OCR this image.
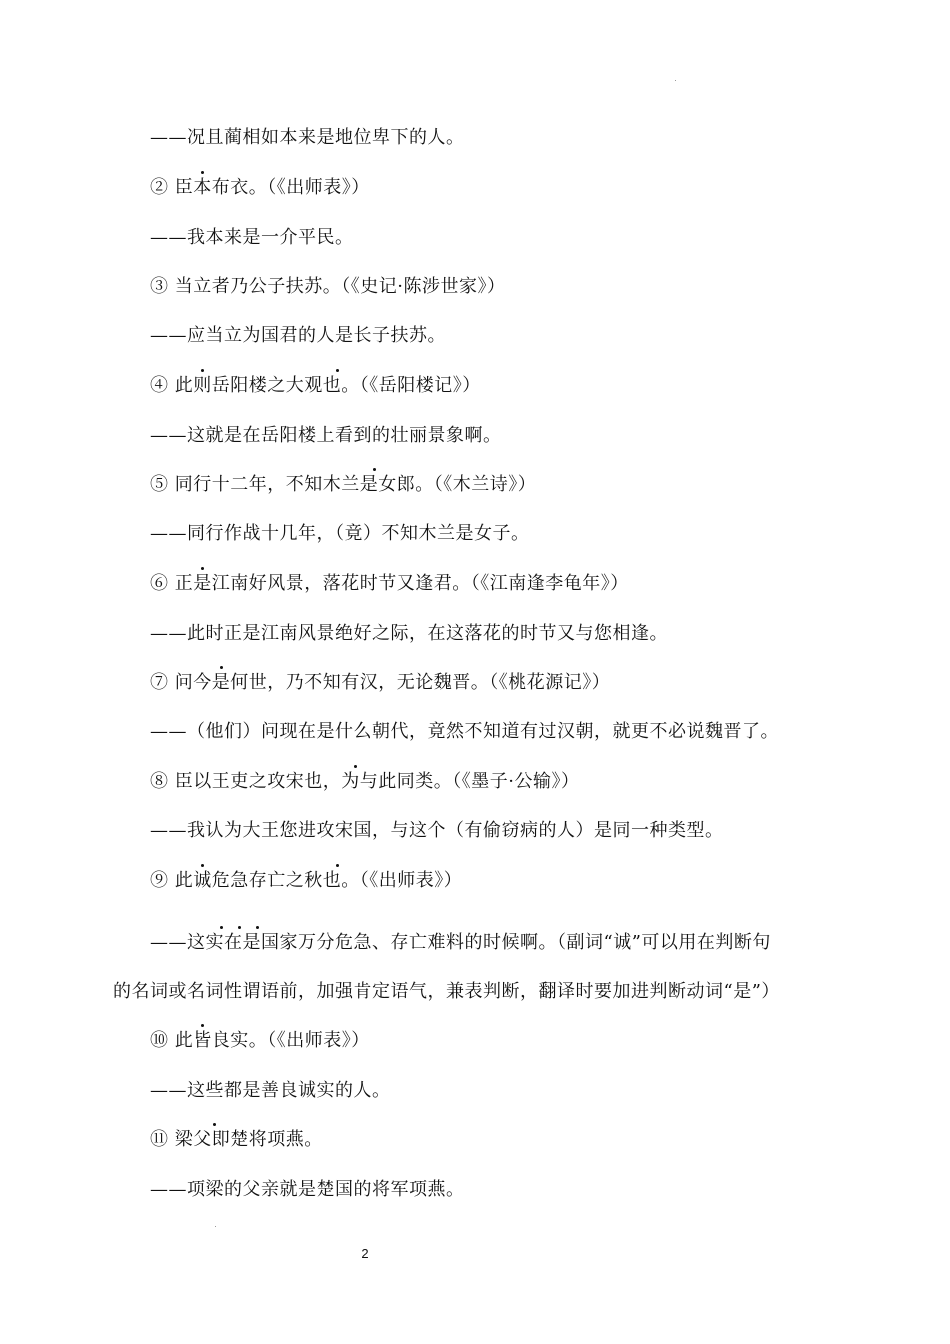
——况且蔺相如本来是地位卑下的人。
② 臣本布衣。（《出师表》）
——我本来是一介平民。
③ 当立者乃公子扶苏。（《史记·陈涉世家》）
——应当立为国君的人是长子扶苏。
④ 此则岳阳楼之大观也。（《岳阳楼记》）
——这就是在岳阳楼上看到的壮丽景象啊。
⑤ 同行十二年，不知木兰是女郎。（《木兰诗》）
——同行作战十几年，（竟）不知木兰是女子。
⑥ 正是江南好风景，落花时节又逢君。（《江南逢李龟年》）
——此时正是江南风景绝好之际，在这落花的时节又与您相逢。
⑦ 问今是何世，乃不知有汉，无论魏晋。（《桃花源记》）
——（他们）问现在是什么朝代，竟然不知道有过汉朝，就更不必说魏晋了。
⑧ 臣以王吏之攻宋也，为与此同类。（《墨子·公输》）
——我认为大王您进攻宋国，与这个（有偷窃病的人）是同一种类型。
⑨ 此诚危急存亡之秋也。（《出师表》）
——这实在是国家万分危急、存亡难料的时候啊。（副词“诚”可以用在判断句
的名词或名词性谓语前，加强肯定语气，兼表判断，翻译时要加进判断动词“是”）
⑩ 此皆良实。（《出师表》）
——这些都是善良诚实的人。
⑪ 梁父即楚将项燕。
——项梁的父亲就是楚国的将军项燕。
2
